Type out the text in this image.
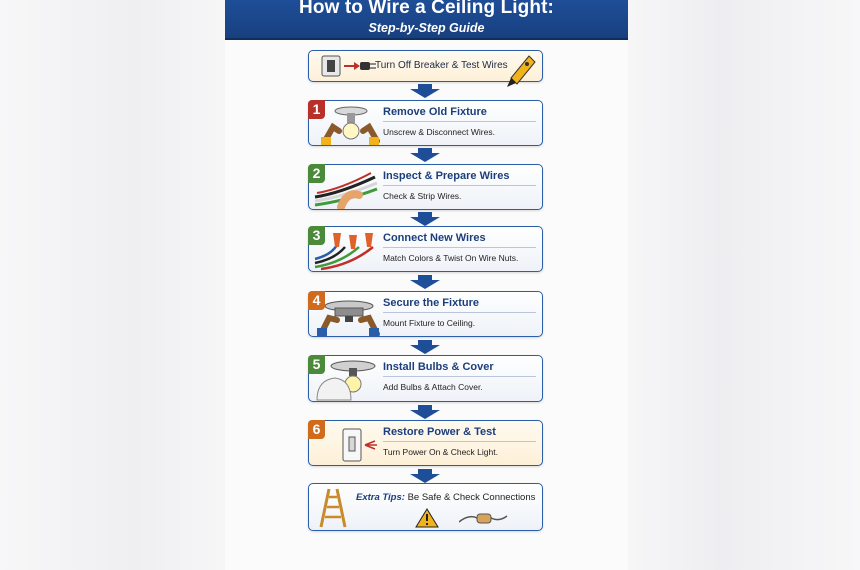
How to Wire a Ceiling Light:
Step-by-Step Guide
Turn Off Breaker & Test Wires
1	Remove Old Fixture
Unscrew & Disconnect Wires.
2	Inspect & Prepare Wires
Check & Strip Wires.
3	Connect New Wires
Match Colors & Twist On Wire Nuts.
4	Secure the Fixture
Mount Fixture to Ceiling.
5	Install Bulbs & Cover
Add Bulbs & Attach Cover.
6	Restore Power & Test
Turn Power On & Check Light.
Extra Tips: Be Safe & Check Connections
